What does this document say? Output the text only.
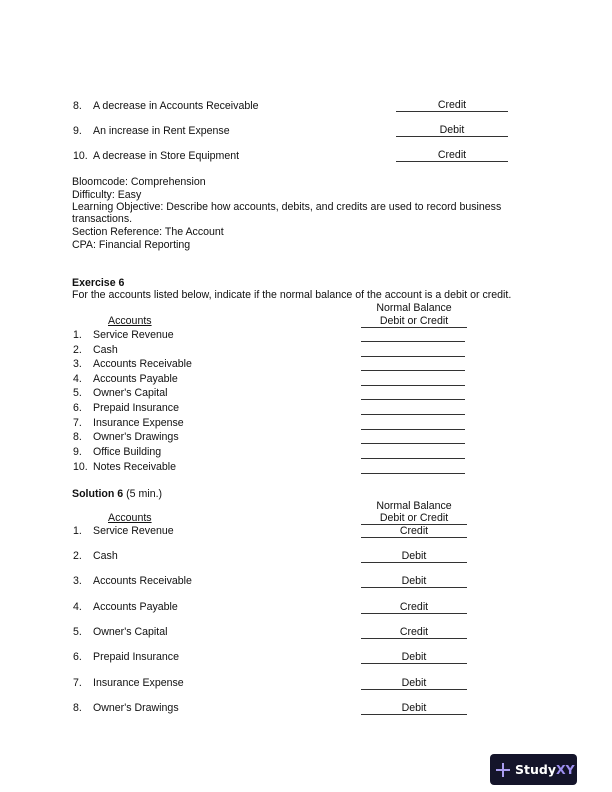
8. A decrease in Accounts Receivable	Credit
9. An increase in Rent Expense	Debit
10. A decrease in Store Equipment	Credit
Bloomcode: Comprehension
Difficulty: Easy
Learning Objective: Describe how accounts, debits, and credits are used to record business
transactions.
Section Reference: The Account
CPA: Financial Reporting
Exercise 6
For the accounts listed below, indicate if the normal balance of the account is a debit or credit.
Normal Balance
Debit or Credit
Accounts
1. Service Revenue
2. Cash
3. Accounts Receivable
4. Accounts Payable
5. Owner's Capital
6. Prepaid Insurance
7. Insurance Expense
8. Owner's Drawings
9. Office Building
10. Notes Receivable
Solution 6 (5 min.)
Normal Balance
Debit or Credit
Accounts
1. Service Revenue	Credit
2. Cash	Debit
3. Accounts Receivable	Debit
4. Accounts Payable	Credit
5. Owner's Capital	Credit
6. Prepaid Insurance	Debit
7. Insurance Expense	Debit
8. Owner's Drawings	Debit
StudyXY
